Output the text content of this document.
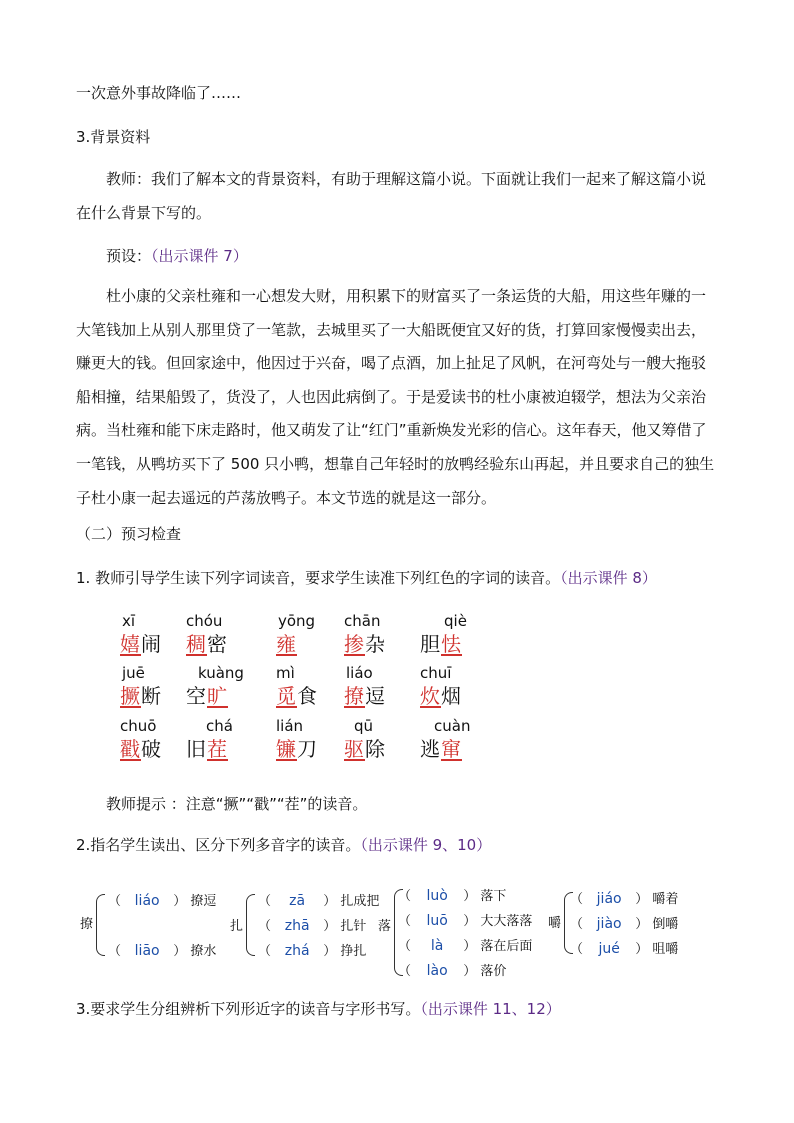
一次意外事故降临了……
3.背景资料
教师：我们了解本文的背景资料，有助于理解这篇小说。下面就让我们一起来了解这篇小说在什么背景下写的。
预设：（出示课件 7）
杜小康的父亲杜雍和一心想发大财，用积累下的财富买了一条运货的大船，用这些年赚的一大笔钱加上从别人那里贷了一笔款，去城里买了一大船既便宜又好的货，打算回家慢慢卖出去，赚更大的钱。但回家途中，他因过于兴奋，喝了点酒，加上扯足了风帆，在河弯处与一艘大拖驳船相撞，结果船毁了，货没了，人也因此病倒了。于是爱读书的杜小康被迫辍学，想法为父亲治病。当杜雍和能下床走路时，他又萌发了让“红门”重新焕发光彩的信心。这年春天，他又筹借了一笔钱，从鸭坊买下了 500 只小鸭，想靠自己年轻时的放鸭经验东山再起，并且要求自己的独生子杜小康一起去遥远的芦荡放鸭子。本文节选的就是这一部分。
（二）预习检查
1. 教师引导学生读下列字词读音，要求学生读准下列红色的字词的读音。（出示课件 8）
xī
嬉闹
chóu
稠密
yōng
雍
chān
掺杂
qiè
胆怯
juē
撅断
kuàng
空旷
mì
觅食
liáo
撩逗
chuī
炊烟
chuō
戳破
chá
旧茬
lián
镰刀
qū
驱除
cuàn
逃窜
教师提示 ：注意“撅”“戳”“茬”的读音。
2.指名学生读出、区分下列多音字的读音。（出示课件 9、10）
撩
（ liáo ） 撩逗
（ liāo ） 撩水
扎
（ zā ） 扎成把
（ zhā ） 扎针
（ zhá ） 挣扎
落
（ luò ） 落下
（ luō ） 大大落落
（ là ） 落在后面
（ lào ） 落价
嚼
（ jiáo ） 嚼着
（ jiào ） 倒嚼
（ jué ） 咀嚼
3.要求学生分组辨析下列形近字的读音与字形书写。（出示课件 11、12）
